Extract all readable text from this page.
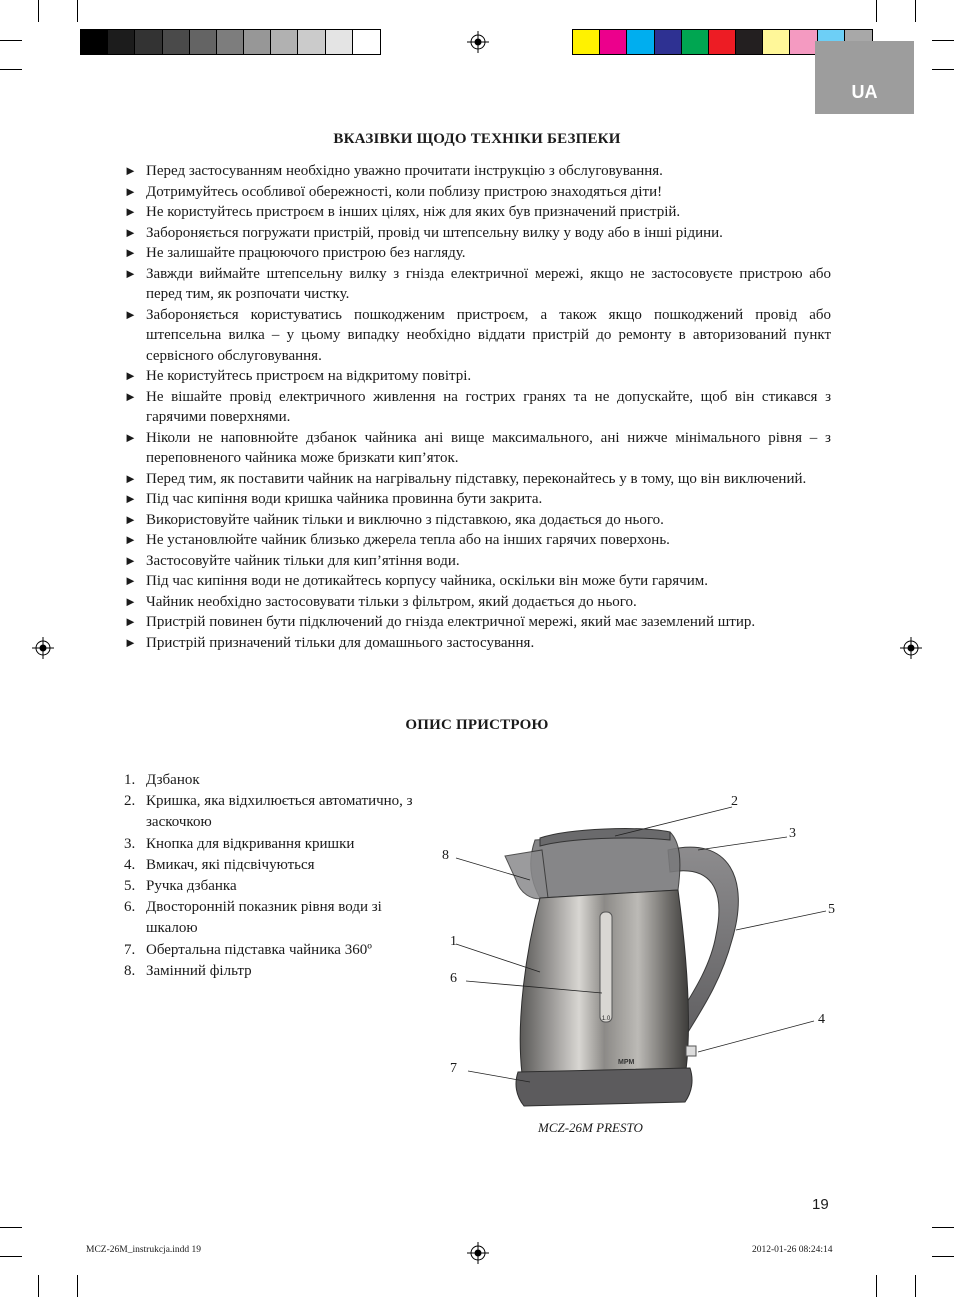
UA
ВКАЗІВКИ ЩОДО ТЕХНІКИ БЕЗПЕКИ
► Перед застосуванням необхідно уважно прочитати інструкцію з обслуговування.
► Дотримуйтесь особливої обережності, коли поблизу пристрою знаходяться діти!
► Не користуйтесь пристроєм в інших цілях, ніж для яких був призначений пристрій.
► Забороняється погружати пристрій, провід чи штепсельну вилку у воду або в інші рідини.
► Не залишайте працюючого пристрою без нагляду.
► Завжди виймайте штепсельну вилку з гнізда електричної мережі, якщо не застосовуєте пристрою або перед тим, як розпочати чистку.
► Забороняється користуватись пошкодженим пристроєм, а також якщо пошкоджений провід або штепсельна вилка – у цьому випадку необхідно віддати пристрій до ремонту в авторизований пункт сервісного обслуговування.
► Не користуйтесь пристроєм на відкритому повітрі.
► Не вішайте провід електричного живлення на гострих гранях та не допускайте, щоб він стикався з гарячими поверхнями.
► Ніколи не наповнюйте дзбанок чайника ані вище максимального, ані нижче мінімального рівня – з переповненого чайника може бризкати кип’яток.
► Перед тим, як поставити чайник на нагрівальну підставку, переконайтесь у в тому, що він виключений.
► Під час кипіння води кришка чайника провинна бути закрита.
► Використовуйте чайник тільки и виключно з підставкою, яка додається до нього.
► Не установлюйте чайник близько джерела тепла або на інших гарячих поверхонь.
► Застосовуйте чайник тільки для кип’ятіння води.
► Під час кипіння води не дотикайтесь корпусу чайника, оскільки він може бути гарячим.
► Чайник необхідно застосовувати тільки з фільтром, який додається до нього.
► Пристрій повинен бути підключений до гнізда електричної мережі, який має заземлений штир.
► Пристрій призначений тільки для домашнього застосування.
ОПИС ПРИСТРОЮ
1. Дзбанок
2. Кришка, яка відхилюється автоматично, з заскочкою
3. Кнопка для відкривання кришки
4. Вмикач, які підсвічуються
5. Ручка дзбанка
6. Двосторонній показник рівня води зі шкалою
7. Обертальна підставка чайника 360º
8. Замінний фільтр
1.0
MPM
1
2
3
4
5
6
7
8
MCZ-26M PRESTO
19
MCZ-26M_instrukcja.indd 19	2012-01-26 08:24:14
